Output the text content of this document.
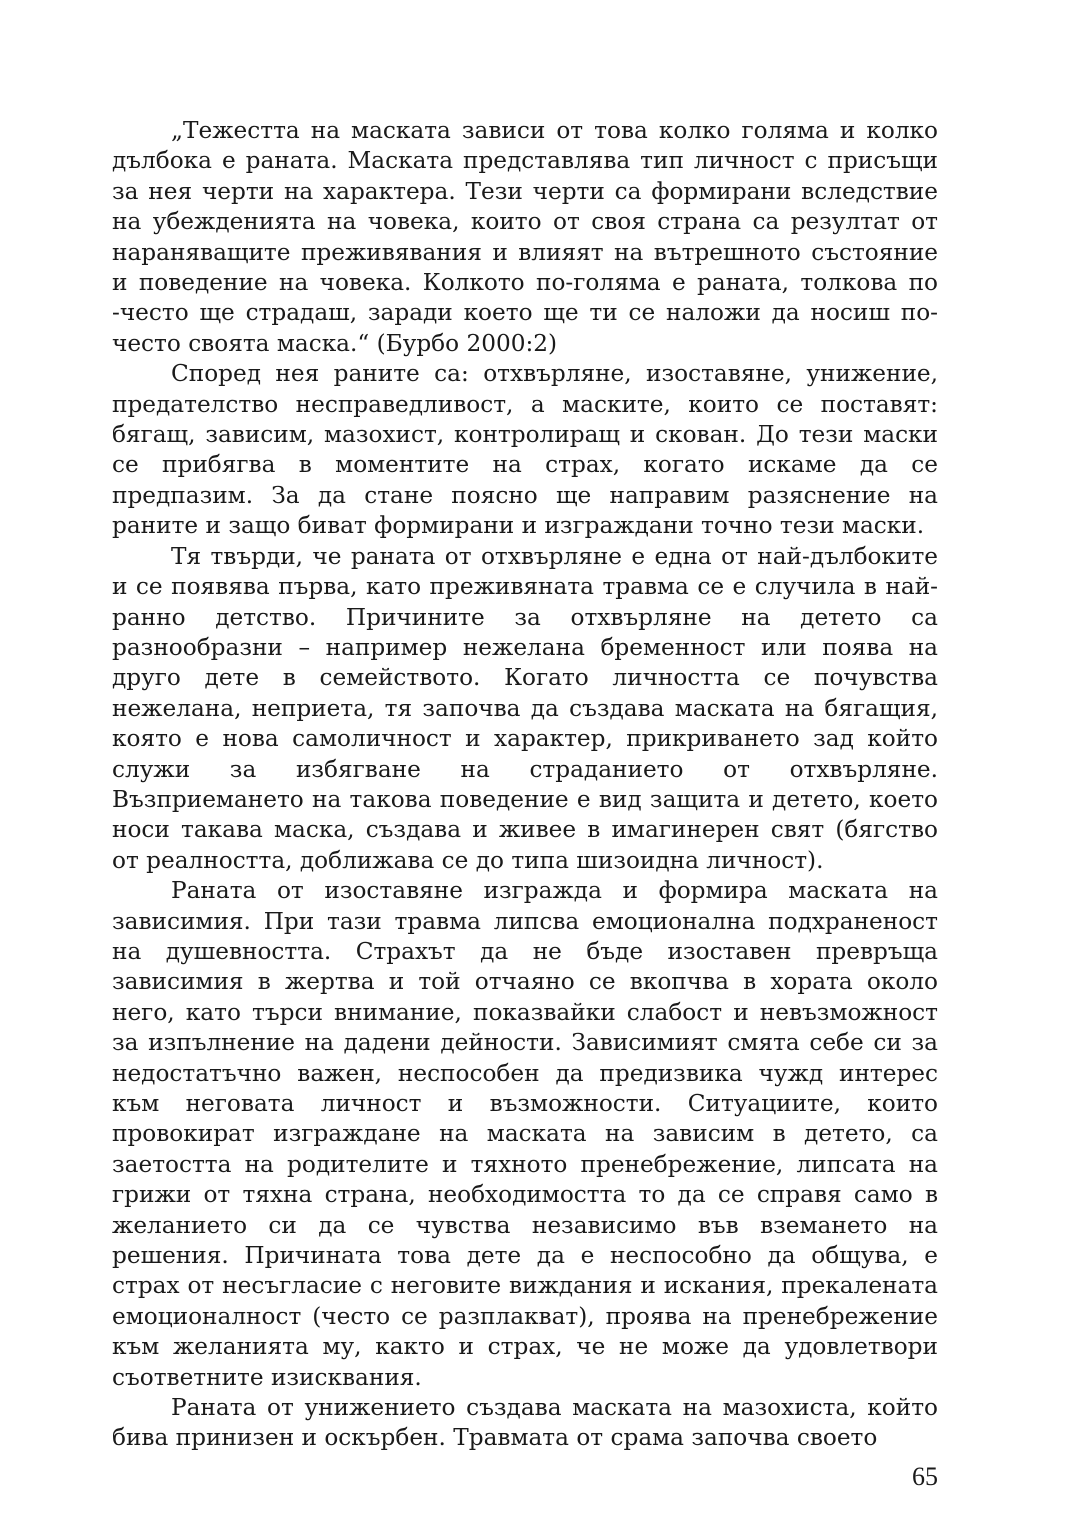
„Тежестта на маската зависи от това колко голяма и колко дълбока е раната. Маската представлява тип личност с присъщи за нея черти на характера. Тези черти са формирани вследствие на убежденията на човека, които от своя страна са резултат от нараняващите преживявания и влияят на вътрешното състояние и поведение на човека. Колкото по-голяма е раната, толкова по -често ще страдаш, заради което ще ти се наложи да носиш по-често своята маска.“ (Бурбо 2000:2)

Според нея раните са: отхвърляне, изоставяне, унижение, предателство несправедливост, а маските, които се поставят: бягащ, зависим, мазохист, контролиращ и скован. До тези маски се прибягва в моментите на страх, когато искаме да се предпазим. За да стане поясно ще направим разяснение на раните и защо биват формирани и изграждани точно тези маски.

Тя твърди, че раната от отхвърляне е една от най-дълбоките и се появява първа, като преживяната травма се е случила в най-ранно детство. Причините за отхвърляне на детето са разнообразни – например нежелана бременност или поява на друго дете в семейството. Когато личността се почувства нежелана, неприета, тя започва да създава маската на бягащия, която е нова самоличност и характер, прикриването зад който служи за избягване на страданието от отхвърляне. Възприемането на такова поведение е вид защита и детето, което носи такава маска, създава и живее в имагинерен свят (бягство от реалността, доближава се до типа шизоидна личност).

Раната от изоставяне изгражда и формира маската на зависимия. При тази травма липсва емоционална подхраненост на душевността. Страхът да не бъде изоставен превръща зависимия в жертва и той отчаяно се вкопчва в хората около него, като търси внимание, показвайки слабост и невъзможност за изпълнение на дадени дейности. Зависимият смята себе си за недостатъчно важен, неспособен да предизвика чужд интерес към неговата личност и възможности. Ситуациите, които провокират изграждане на маската на зависим в детето, са заетостта на родителите и тяхното пренебрежение, липсата на грижи от тяхна страна, необходимостта то да се справя само в желанието си да се чувства независимо във вземането на решения. Причината това дете да е неспособно да общува, е страх от несъгласие с неговите виждания и искания, прекалената емоционалност (често се разплакват), проява на пренебрежение към желанията му, както и страх, че не може да удовлетвори съответните изисквания.

Раната от унижението създава маската на мазохиста, който бива принизен и оскърбен. Травмата от срама започва своето

65
